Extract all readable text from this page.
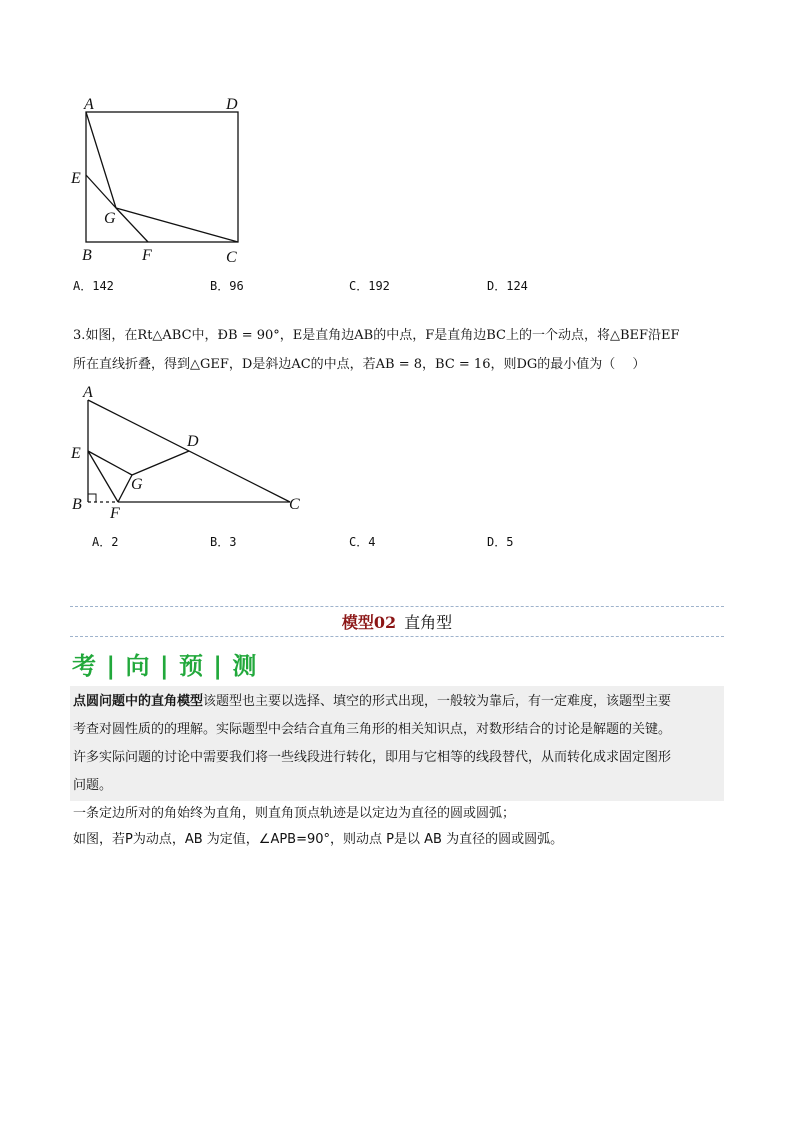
A	D
E
G
B	F	C
A．142	B．96	C．192	D．124
3.如图，在Rt△ABC中，ÐB = 90°，E是直角边AB的中点，F是直角边BC上的一个动点，将△BEF沿EF
所在直线折叠，得到△GEF，D是斜边AC的中点，若AB = 8，BC = 16，则DG的最小值为（　 ）
A
D
E
G
B
F
C
A．2	B．3	C．4	D．5
模型02 直角型
考 | 向 | 预 | 测
点圆问题中的直角模型该题型也主要以选择、填空的形式出现，一般较为靠后，有一定难度，该题型主要
考查对圆性质的的理解。实际题型中会结合直角三角形的相关知识点，对数形结合的讨论是解题的关键。
许多实际问题的讨论中需要我们将一些线段进行转化，即用与它相等的线段替代，从而转化成求固定图形
问题。
一条定边所对的角始终为直角，则直角顶点轨迹是以定边为直径的圆或圆弧；
如图，若P为动点，AB 为定值，∠APB=90°，则动点 P是以 AB 为直径的圆或圆弧。
